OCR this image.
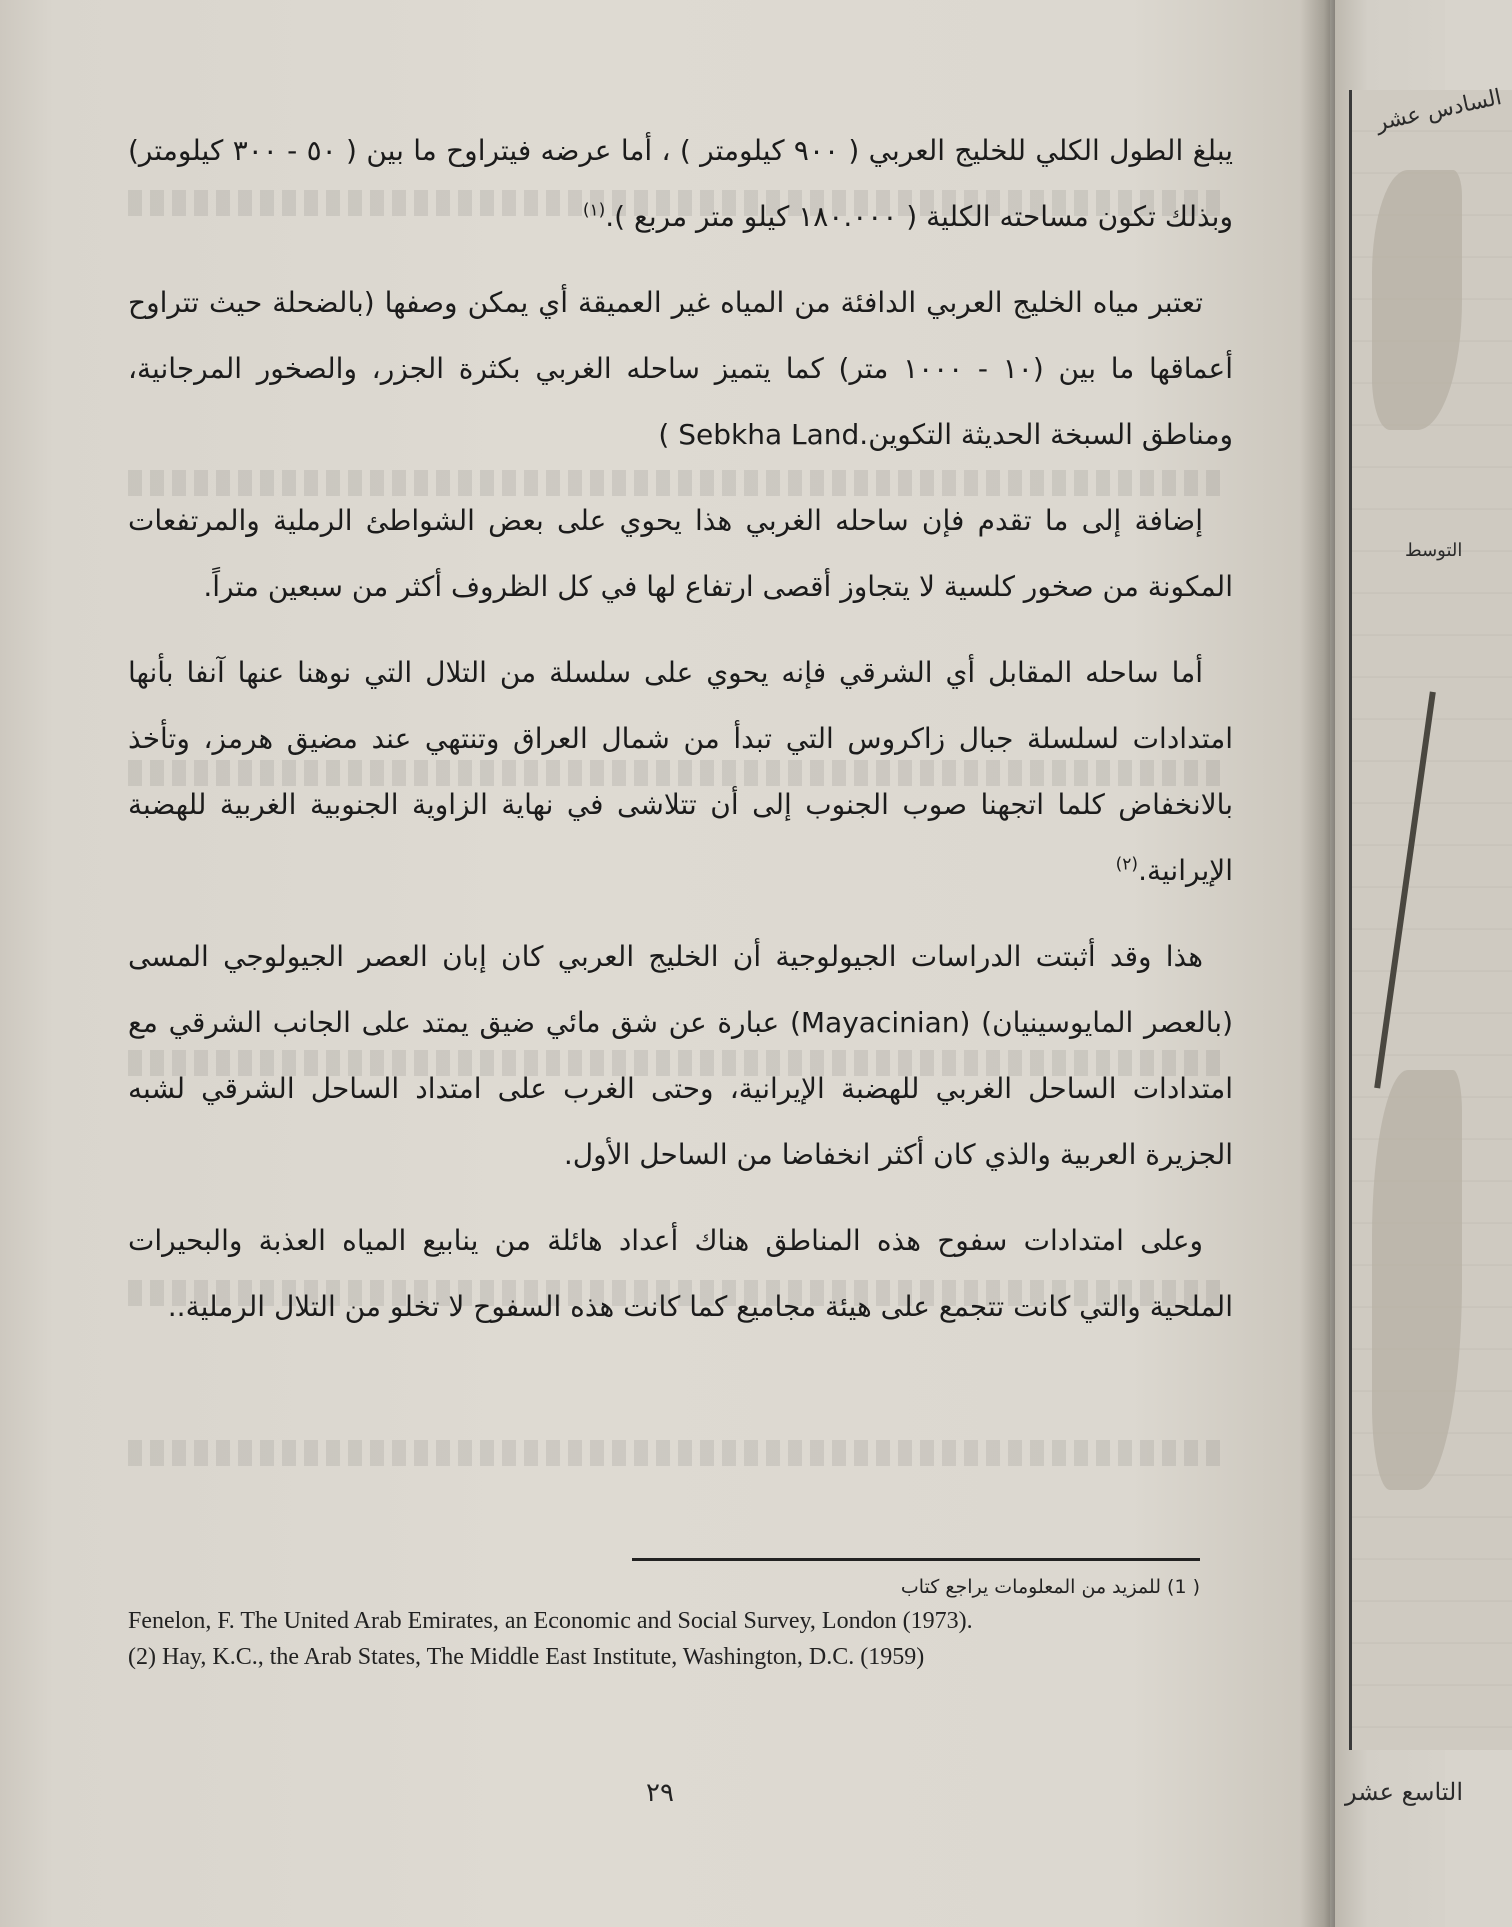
يبلغ الطول الكلي للخليج العربي ( ٩٠٠ كيلومتر ) ، أما عرضه فيتراوح ما بين ( ٥٠ - ٣٠٠ كيلومتر) وبذلك تكون مساحته الكلية ( ١٨٠.٠٠٠ كيلو متر مربع ).$^{(١)}$

تعتبر مياه الخليج العربي الدافئة من المياه غير العميقة أي يمكن وصفها (بالضحلة حيث تتراوح أعماقها ما بين (١٠ - ١٠٠٠ متر) كما يتميز ساحله الغربي بكثرة الجزر، والصخور المرجانية، ومناطق السبخة الحديثة التكوين.( Sebkha Land

إضافة إلى ما تقدم فإن ساحله الغربي هذا يحوي على بعض الشواطئ الرملية والمرتفعات المكونة من صخور كلسية لا يتجاوز أقصى ارتفاع لها في كل الظروف أكثر من سبعين متراً.

أما ساحله المقابل أي الشرقي فإنه يحوي على سلسلة من التلال التي نوهنا عنها آنفا بأنها امتدادات لسلسلة جبال زاكروس التي تبدأ من شمال العراق وتنتهي عند مضيق هرمز، وتأخذ بالانخفاض كلما اتجهنا صوب الجنوب إلى أن تتلاشى في نهاية الزاوية الجنوبية الغربية للهضبة الإيرانية.$^{(٢)}$

هذا وقد أثبتت الدراسات الجيولوجية أن الخليج العربي كان إبان العصر الجيولوجي المسى (بالعصر المايوسينيان) (Mayacinian) عبارة عن شق مائي ضيق يمتد على الجانب الشرقي مع امتدادات الساحل الغربي للهضبة الإيرانية، وحتى الغرب على امتداد الساحل الشرقي لشبه الجزيرة العربية والذي كان أكثر انخفاضا من الساحل الأول.

وعلى امتدادات سفوح هذه المناطق هناك أعداد هائلة من ينابيع المياه العذبة والبحيرات الملحية والتي كانت تتجمع على هيئة مجاميع كما كانت هذه السفوح لا تخلو من التلال الرملية..

( 1) للمزيد من المعلومات يراجع كتاب
Fenelon, F. The United Arab Emirates, an Economic and Social Survey, London (1973).
(2) Hay, K.C., the Arab States, The Middle East Institute, Washington, D.C. (1959)
٢٩
السادس عشر
التوسط
التاسع عشر
